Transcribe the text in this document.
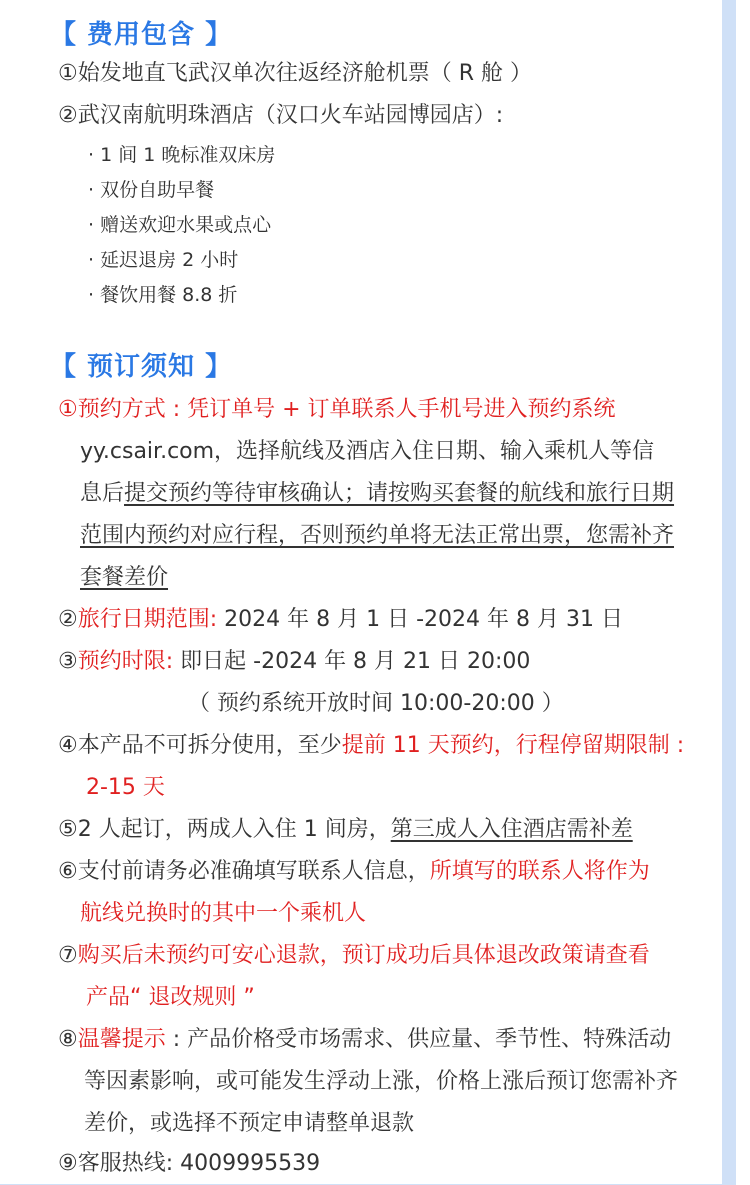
【 费用包含 】
①始发地直飞武汉单次往返经济舱机票（ R 舱 ）
②武汉南航明珠酒店（汉口火车站园博园店）:
· 1 间 1 晚标准双床房
· 双份自助早餐
· 赠送欢迎水果或点心
· 延迟退房 2 小时
· 餐饮用餐 8.8 折
【 预订须知 】
①预约方式 : 凭订单号 + 订单联系人手机号进入预约系统
yy.csair.com，选择航线及酒店入住日期、输入乘机人等信
息后提交预约等待审核确认；请按购买套餐的航线和旅行日期
范围内预约对应行程，否则预约单将无法正常出票，您需补齐
套餐差价
②旅行日期范围: 2024 年 8 月 1 日 -2024 年 8 月 31 日
③预约时限: 即日起 -2024 年 8 月 21 日 20:00
（ 预约系统开放时间 10:00-20:00 ）
④本产品不可拆分使用，至少提前 11 天预约，行程停留期限制 :
2-15 天
⑤2 人起订，两成人入住 1 间房，第三成人入住酒店需补差
⑥支付前请务必准确填写联系人信息，所填写的联系人将作为
航线兑换时的其中一个乘机人
⑦购买后未预约可安心退款，预订成功后具体退改政策请查看
产品“ 退改规则 ”
⑧温馨提示 : 产品价格受市场需求、供应量、季节性、特殊活动
等因素影响，或可能发生浮动上涨，价格上涨后预订您需补齐
差价，或选择不预定申请整单退款
⑨客服热线: 4009995539
